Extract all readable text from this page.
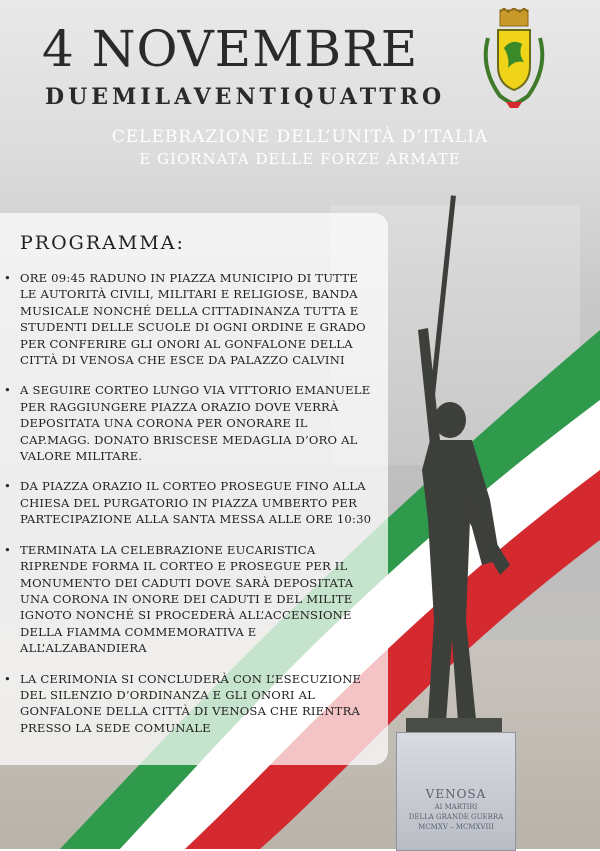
4 NOVEMBRE
DUEMILAVENTIQUATTRO
CELEBRAZIONE DELL’UNITÀ D’ITALIA
E GIORNATA DELLE FORZE ARMATE
VENOSA
AI MARTIRI
DELLA GRANDE GUERRA
MCMXV – MCMXVIII
PROGRAMMA:
• ORE 09:45 RADUNO IN PIAZZA MUNICIPIO DI TUTTE LE AUTORITÀ CIVILI, MILITARI E RELIGIOSE, BANDA MUSICALE NONCHÉ DELLA CITTADINANZA TUTTA E STUDENTI DELLE SCUOLE DI OGNI ORDINE E GRADO PER CONFERIRE GLI ONORI AL GONFALONE DELLA CITTÀ DI VENOSA CHE ESCE DA PALAZZO CALVINI
• A SEGUIRE CORTEO LUNGO VIA VITTORIO EMANUELE PER RAGGIUNGERE PIAZZA ORAZIO DOVE VERRÀ DEPOSITATA UNA CORONA PER ONORARE IL CAP.MAGG. DONATO BRISCESE MEDAGLIA D’ORO AL VALORE MILITARE.
• DA PIAZZA ORAZIO IL CORTEO PROSEGUE FINO ALLA CHIESA DEL PURGATORIO IN PIAZZA UMBERTO PER PARTECIPAZIONE ALLA SANTA MESSA ALLE ORE 10:30
• TERMINATA LA CELEBRAZIONE EUCARISTICA RIPRENDE FORMA IL CORTEO E PROSEGUE PER IL MONUMENTO DEI CADUTI DOVE SARÀ DEPOSITATA UNA CORONA IN ONORE DEI CADUTI E DEL MILITE IGNOTO NONCHÉ SI PROCEDERÀ ALL’ACCENSIONE DELLA FIAMMA COMMEMORATIVA E ALL’ALZABANDIERA
• LA CERIMONIA SI CONCLUDERÀ CON L’ESECUZIONE DEL SILENZIO D’ORDINANZA E GLI ONORI AL GONFALONE DELLA CITTÀ DI VENOSA CHE RIENTRA PRESSO LA SEDE COMUNALE
